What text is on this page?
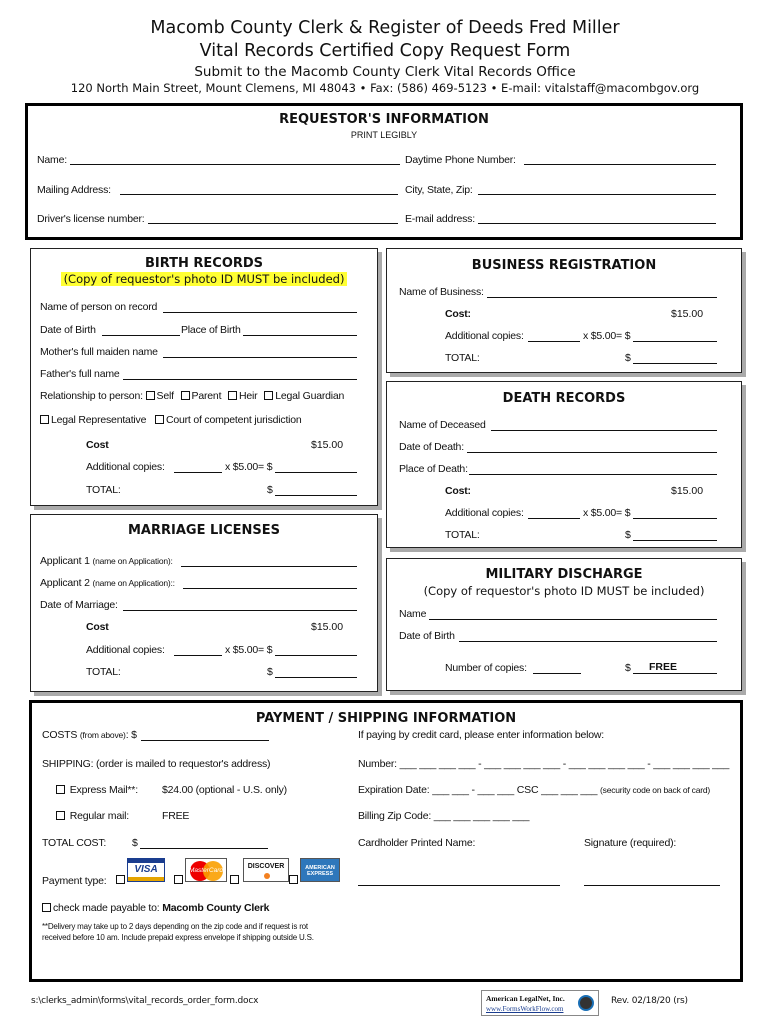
Macomb County Clerk & Register of Deeds Fred Miller
Vital Records Certified Copy Request Form
Submit to the Macomb County Clerk Vital Records Office
120 North Main Street, Mount Clemens, MI 48043 • Fax: (586) 469-5123 • E-mail: vitalstaff@macombgov.org
REQUESTOR'S INFORMATION
PRINT LEGIBLY
Name:	Daytime Phone Number:
Mailing Address:	City, State, Zip:
Driver's license number:	E-mail address:
BIRTH RECORDS
(Copy of requestor's photo ID MUST be included)
Name of person on record
Date of Birth	Place of Birth
Mother's full maiden name
Father's full name
Relationship to person: Self Parent Heir Legal Guardian
Legal Representative Court of competent jurisdiction
Cost	$15.00
Additional copies:	x $5.00= $
TOTAL:	$
MARRIAGE LICENSES
Applicant 1 (name on Application):
Applicant 2 (name on Application)::
Date of Marriage:
Cost	$15.00
Additional copies:	x $5.00= $
TOTAL:	$
BUSINESS REGISTRATION
Name of Business:
Cost:	$15.00
Additional copies:	x $5.00= $
TOTAL:	$
DEATH RECORDS
Name of Deceased
Date of Death:
Place of Death:
Cost:	$15.00
Additional copies:	x $5.00= $
TOTAL:	$
MILITARY DISCHARGE
(Copy of requestor's photo ID MUST be included)
Name
Date of Birth
Number of copies:	$ FREE
PAYMENT / SHIPPING INFORMATION
COSTS (from above): $	If paying by credit card, please enter information below:
SHIPPING: (order is mailed to requestor's address)	Number: ___ ___ ___ ___ - ___ ___ ___ ___ - ___ ___ ___ ___ - ___ ___ ___ ___
Express Mail**: $24.00 (optional - U.S. only)	Expiration Date: ___ ___ - ___ ___ CSC ___ ___ ___ (security code on back of card)
Regular mail:	FREE	Billing Zip Code: ___ ___ ___ ___ ___
TOTAL COST: $	Cardholder Printed Name:	Signature (required):
Payment type:
VISA	MasterCard
DISCOVER	AMERICAN EXPRESS
check made payable to: Macomb County Clerk
**Delivery may take up to 2 days depending on the zip code and if request is rot
received before 10 am. Include prepaid express envelope if shipping outside U.S.
s:\clerks_admin\forms\vital_records_order_form.docx	American LegalNet, Inc.
www.FormsWorkFlow.com
Rev. 02/18/20 (rs)
